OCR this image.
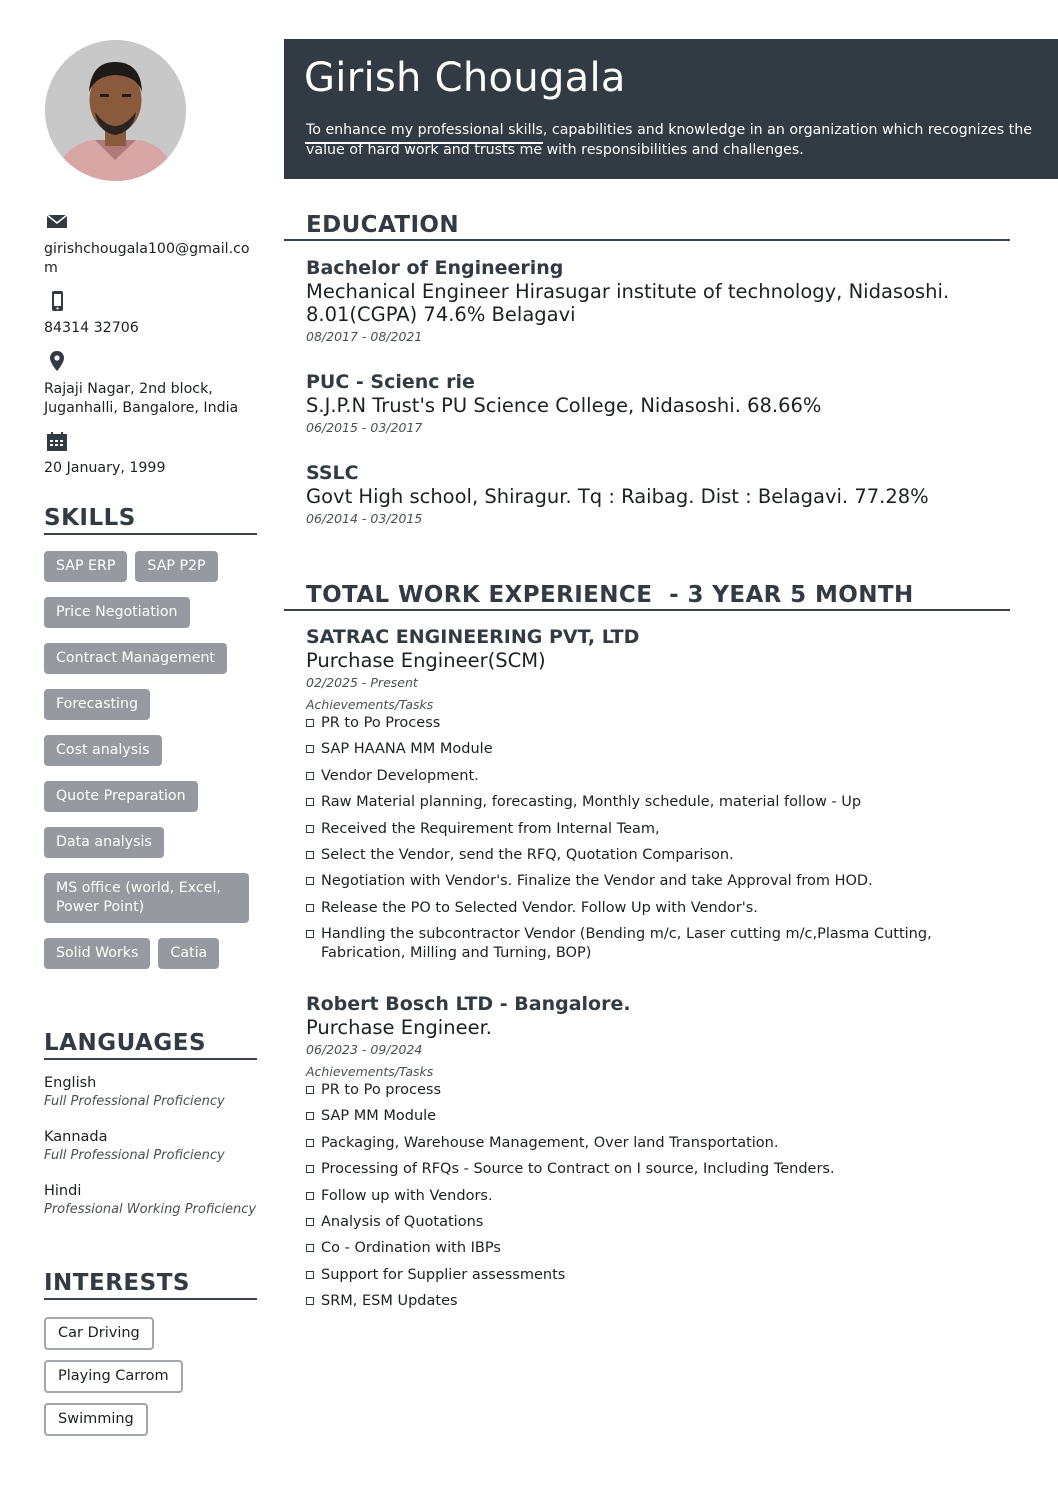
girishchougala100@gmail.com
84314 32706
Rajaji Nagar, 2nd block, Juganhalli, Bangalore, India
20 January, 1999
SKILLS
SAP ERP SAP P2P
Price Negotiation
Contract Management
Forecasting
Cost analysis
Quote Preparation
Data analysis
MS office (world, Excel, Power Point)
Solid Works Catia
LANGUAGES
English
Full Professional Proficiency
Kannada
Full Professional Proficiency
Hindi
Professional Working Proficiency
INTERESTS
Car Driving
Playing Carrom
Swimming
Girish Chougala
To enhance my professional skills, capabilities and knowledge in an organization which recognizes the value of hard work and trusts me with responsibilities and challenges.
EDUCATION
Bachelor of Engineering
Mechanical Engineer Hirasugar institute of technology, Nidasoshi. 8.01(CGPA) 74.6% Belagavi
08/2017 - 08/2021
PUC - Scienc rie
S.J.P.N Trust's PU Science College, Nidasoshi. 68.66%
06/2015 - 03/2017
SSLC
Govt High school, Shiragur. Tq : Raibag. Dist : Belagavi. 77.28%
06/2014 - 03/2015
TOTAL WORK EXPERIENCE  - 3 YEAR 5 MONTH
SATRAC ENGINEERING PVT, LTD
Purchase Engineer(SCM)
02/2025 - Present
Achievements/Tasks
PR to Po Process
SAP HAANA MM Module
Vendor Development.
Raw Material planning, forecasting, Monthly schedule, material follow - Up
Received the Requirement from Internal Team,
Select the Vendor, send the RFQ, Quotation Comparison.
Negotiation with Vendor's. Finalize the Vendor and take Approval from HOD.
Release the PO to Selected Vendor. Follow Up with Vendor's.
Handling the subcontractor Vendor (Bending m/c, Laser cutting m/c,Plasma Cutting, Fabrication, Milling and Turning, BOP)
Robert Bosch LTD - Bangalore.
Purchase Engineer.
06/2023 - 09/2024
Achievements/Tasks
PR to Po process
SAP MM Module
Packaging, Warehouse Management, Over land Transportation.
Processing of RFQs - Source to Contract on I source, Including Tenders.
Follow up with Vendors.
Analysis of Quotations
Co - Ordination with IBPs
Support for Supplier assessments
SRM, ESM Updates
